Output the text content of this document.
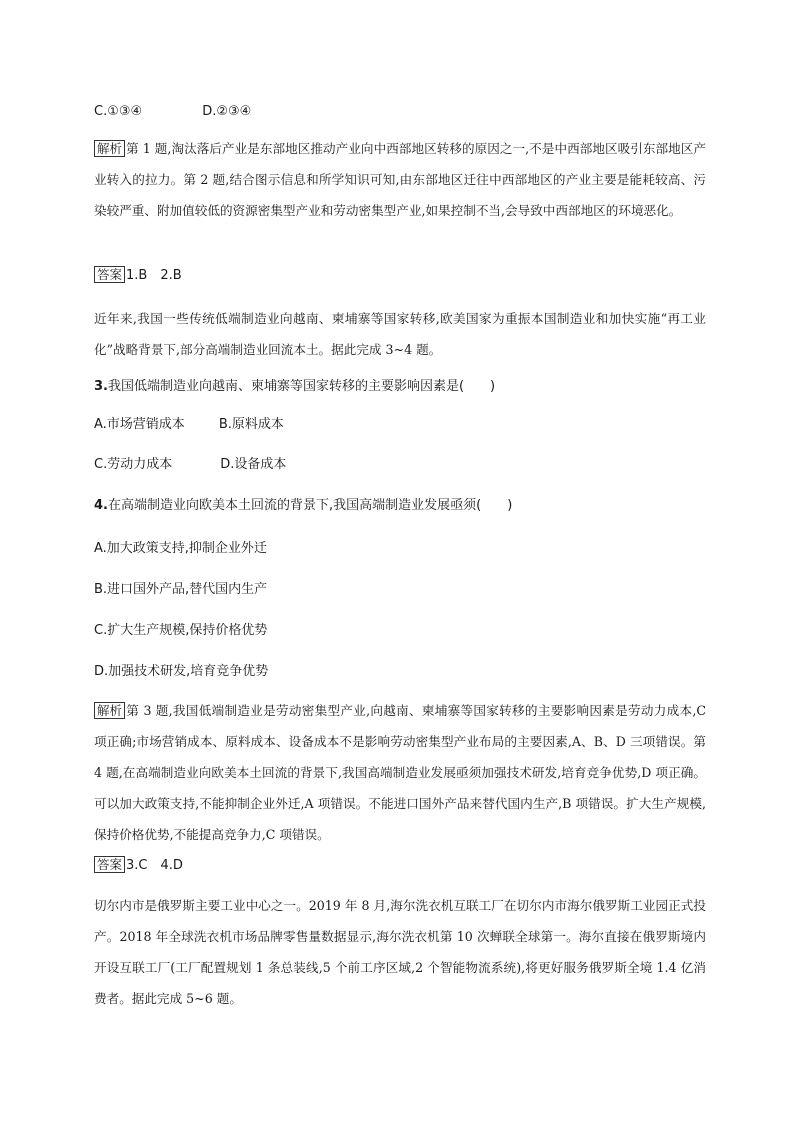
C.①③④	D.②③④
解析 第 1 题,淘汰落后产业是东部地区推动产业向中西部地区转移的原因之一,不是中西部地区吸引东部地区产业转入的拉力。第 2 题,结合图示信息和所学知识可知,由东部地区迁往中西部地区的产业主要是能耗较高、污染较严重、附加值较低的资源密集型产业和劳动密集型产业,如果控制不当,会导致中西部地区的环境恶化。
答案 1.B　2.B
近年来,我国一些传统低端制造业向越南、柬埔寨等国家转移,欧美国家为重振本国制造业和加快实施“再工业化”战略背景下,部分高端制造业回流本土。据此完成 3~4 题。
3.我国低端制造业向越南、柬埔寨等国家转移的主要影响因素是(　　)
A.市场营销成本	B.原料成本
C.劳动力成本	D.设备成本
4.在高端制造业向欧美本土回流的背景下,我国高端制造业发展亟须(　　)
A.加大政策支持,抑制企业外迁
B.进口国外产品,替代国内生产
C.扩大生产规模,保持价格优势
D.加强技术研发,培育竞争优势
解析 第 3 题,我国低端制造业是劳动密集型产业,向越南、柬埔寨等国家转移的主要影响因素是劳动力成本,C 项正确;市场营销成本、原料成本、设备成本不是影响劳动密集型产业布局的主要因素,A、B、D 三项错误。第 4 题,在高端制造业向欧美本土回流的背景下,我国高端制造业发展亟须加强技术研发,培育竞争优势,D 项正确。可以加大政策支持,不能抑制企业外迁,A 项错误。不能进口国外产品来替代国内生产,B 项错误。扩大生产规模,保持价格优势,不能提高竞争力,C 项错误。
答案 3.C　4.D
切尔内市是俄罗斯主要工业中心之一。2019 年 8 月,海尔洗衣机互联工厂在切尔内市海尔俄罗斯工业园正式投产。2018 年全球洗衣机市场品牌零售量数据显示,海尔洗衣机第 10 次蝉联全球第一。海尔直接在俄罗斯境内开设互联工厂(工厂配置规划 1 条总装线,5 个前工序区域,2 个智能物流系统),将更好服务俄罗斯全境 1.4 亿消费者。据此完成 5~6 题。
